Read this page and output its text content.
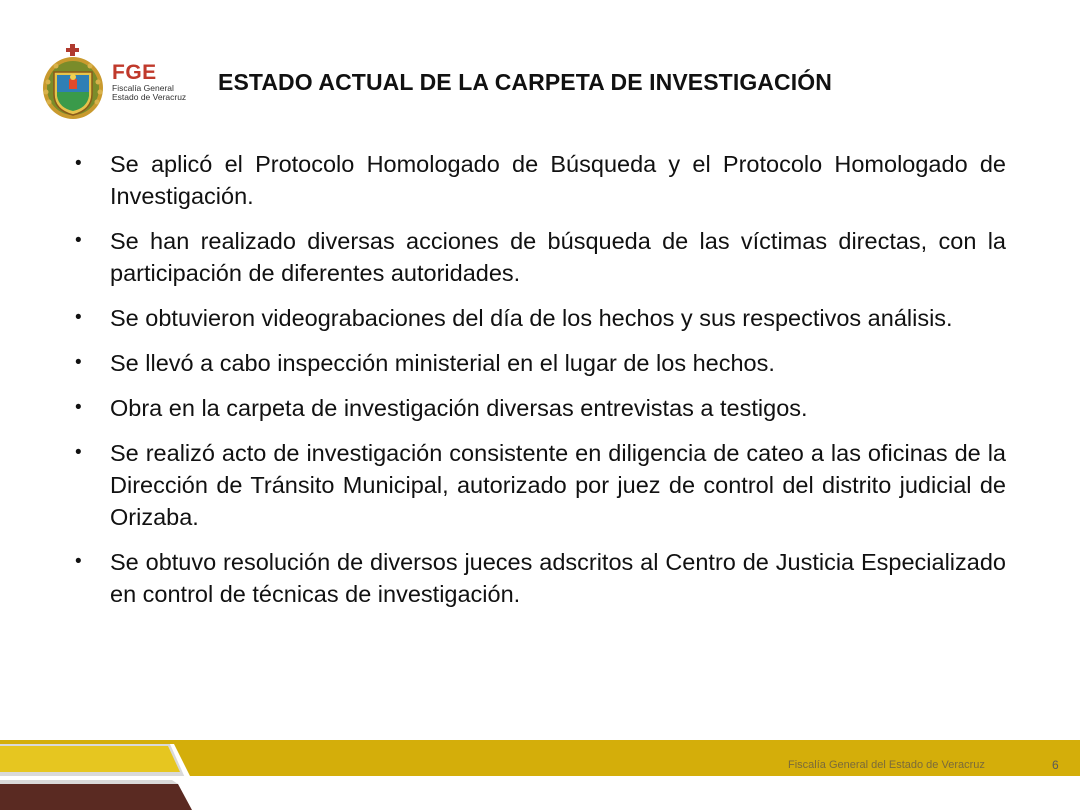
FGE
Fiscalía General
Estado de Veracruz
ESTADO ACTUAL DE LA CARPETA DE INVESTIGACIÓN
• Se aplicó el Protocolo Homologado de Búsqueda y el Protocolo Homologado de Investigación.
• Se han realizado diversas acciones de búsqueda de las víctimas directas, con la participación de diferentes autoridades.
• Se obtuvieron videograbaciones del día de los hechos y sus respectivos análisis.
• Se llevó a cabo inspección ministerial en el lugar de los hechos.
• Obra en la carpeta de investigación diversas entrevistas a testigos.
• Se realizó acto de investigación consistente en diligencia de cateo a las oficinas de la Dirección de Tránsito Municipal, autorizado por juez de control del distrito judicial de Orizaba.
• Se obtuvo resolución de diversos jueces adscritos al Centro de Justicia Especializado en control de técnicas de investigación.
Fiscalía General del Estado de Veracruz	6
